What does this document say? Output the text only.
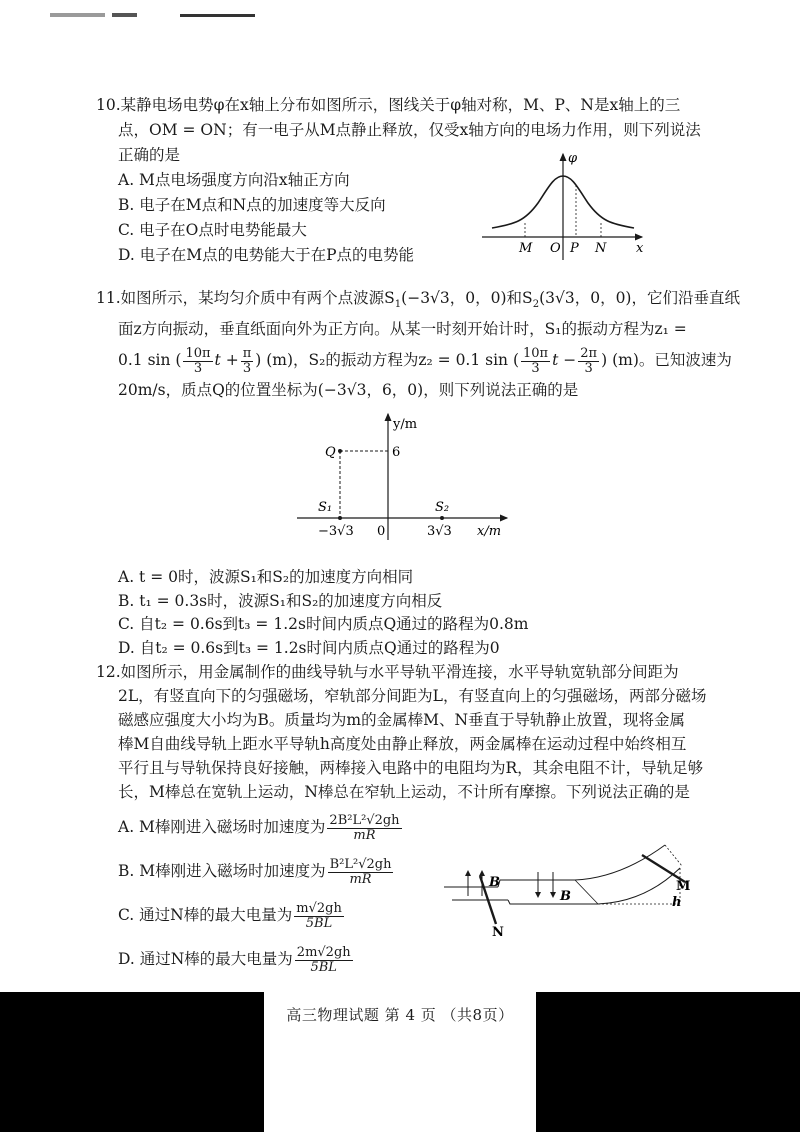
10.某静电场电势φ在x轴上分布如图所示，图线关于φ轴对称，M、P、N是x轴上的三
点，OM = ON；有一电子从M点静止释放，仅受x轴方向的电场力作用，则下列说法
正确的是
A. M点电场强度方向沿x轴正方向
B. 电子在M点和N点的加速度等大反向
C. 电子在O点时电势能最大
D. 电子在M点的电势能大于在P点的电势能
φ
x
M O P N
11.如图所示，某均匀介质中有两个点波源$S_1(-3√3$，0，0)和$S_2(3√3$，0，0)，它们沿垂直纸
面z方向振动，垂直纸面向外为正方向。从某一时刻开始计时，S₁的振动方程为z₁ =
0.1 sin ( $\frac{10\pi}{3}$ $t + \frac{\pi}{3}$ ) (m)，S₂的振动方程为z₂ = 0.1 sin ( $\frac{10\pi}{3}$ $t - \frac{2\pi}{3}$ ) (m)。已知波速为
20m/s，质点Q的位置坐标为(−3√3，6，0)，则下列说法正确的是
y/m
Q	6
S₁	S₂
−3√3 0	3√3 x/m
A. t = 0时，波源S₁和S₂的加速度方向相同
B. t₁ = 0.3s时，波源S₁和S₂的加速度方向相反
C. 自t₂ = 0.6s到t₃ = 1.2s时间内质点Q通过的路程为0.8m
D. 自t₂ = 0.6s到t₃ = 1.2s时间内质点Q通过的路程为0
12.如图所示，用金属制作的曲线导轨与水平导轨平滑连接，水平导轨宽轨部分间距为
2L，有竖直向下的匀强磁场，窄轨部分间距为L，有竖直向上的匀强磁场，两部分磁场
磁感应强度大小均为B。质量均为m的金属棒M、N垂直于导轨静止放置，现将金属
棒M自曲线导轨上距水平导轨h高度处由静止释放，两金属棒在运动过程中始终相互
平行且与导轨保持良好接触，两棒接入电路中的电阻均为R，其余电阻不计，导轨足够
长，M棒总在宽轨上运动，N棒总在窄轨上运动，不计所有摩擦。下列说法正确的是
A. M棒刚进入磁场时加速度为 $\frac{\text{2B²L²√2gh}}{mR}$
B. M棒刚进入磁场时加速度为 $\frac{\text{B²L²√2gh}}{mR}$
C. 通过N棒的最大电量为 $\frac{m√2gh}{5BL}$
D. 通过N棒的最大电量为 $\frac{2m√2gh}{5BL}$
B
B
M
N
h
高三物理试题 第 4 页 （共8页）
